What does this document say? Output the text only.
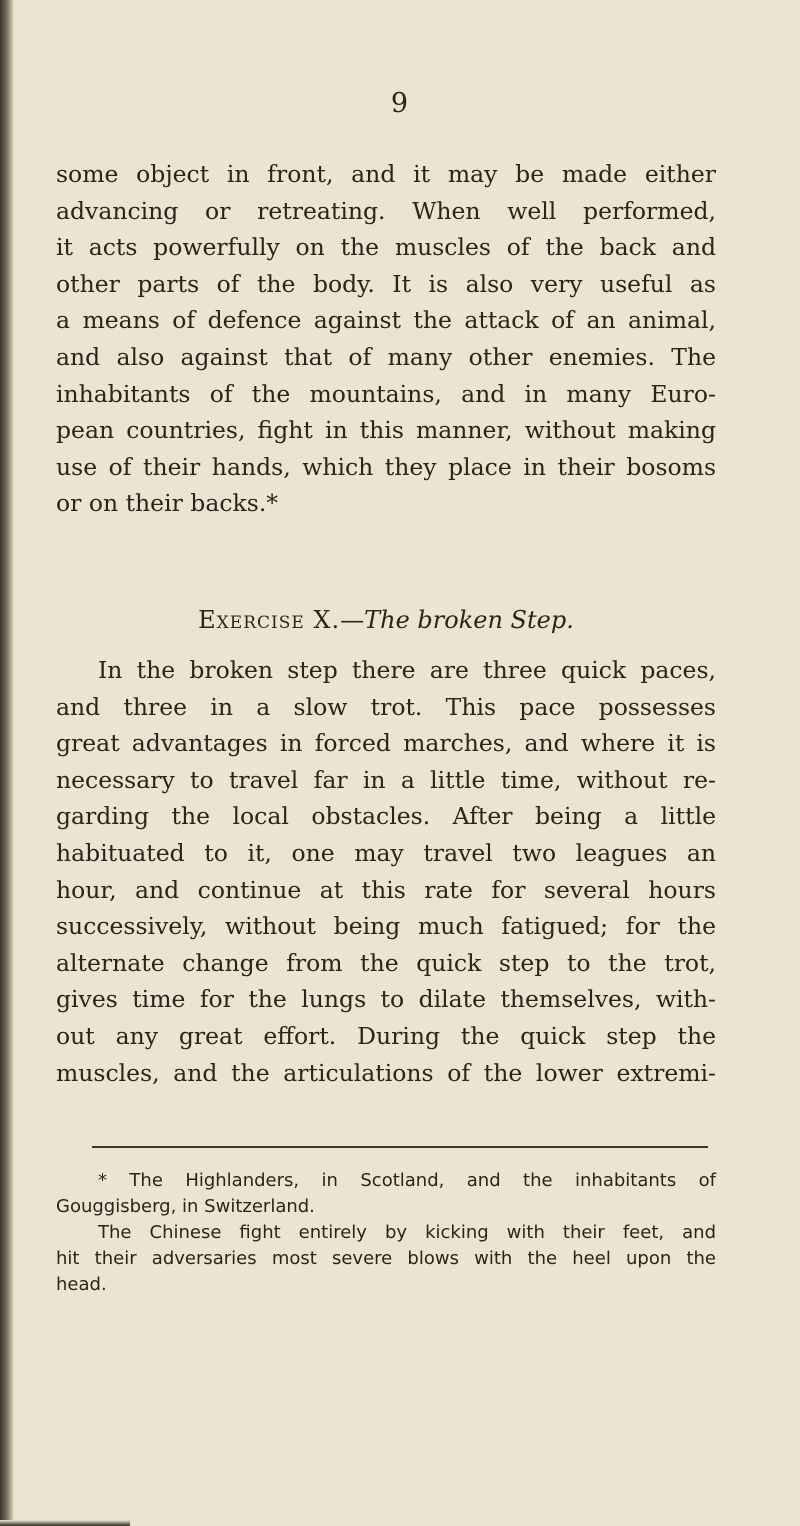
9
some object in front, and it may be made either
advancing or retreating. When well performed,
it acts powerfully on the muscles of the back and
other parts of the body. It is also very useful as
a means of defence against the attack of an animal,
and also against that of many other enemies. The
inhabitants of the mountains, and in many Euro-
pean countries, fight in this manner, without making
use of their hands, which they place in their bosoms
or on their backs.*
Exercise X.—The broken Step.
In the broken step there are three quick paces,
and three in a slow trot. This pace possesses
great advantages in forced marches, and where it is
necessary to travel far in a little time, without re-
garding the local obstacles. After being a little
habituated to it, one may travel two leagues an
hour, and continue at this rate for several hours
successively, without being much fatigued; for the
alternate change from the quick step to the trot,
gives time for the lungs to dilate themselves, with-
out any great effort. During the quick step the
muscles, and the articulations of the lower extremi-
* The Highlanders, in Scotland, and the inhabitants of
Gouggisberg, in Switzerland.
The Chinese fight entirely by kicking with their feet, and
hit their adversaries most severe blows with the heel upon the
head.
